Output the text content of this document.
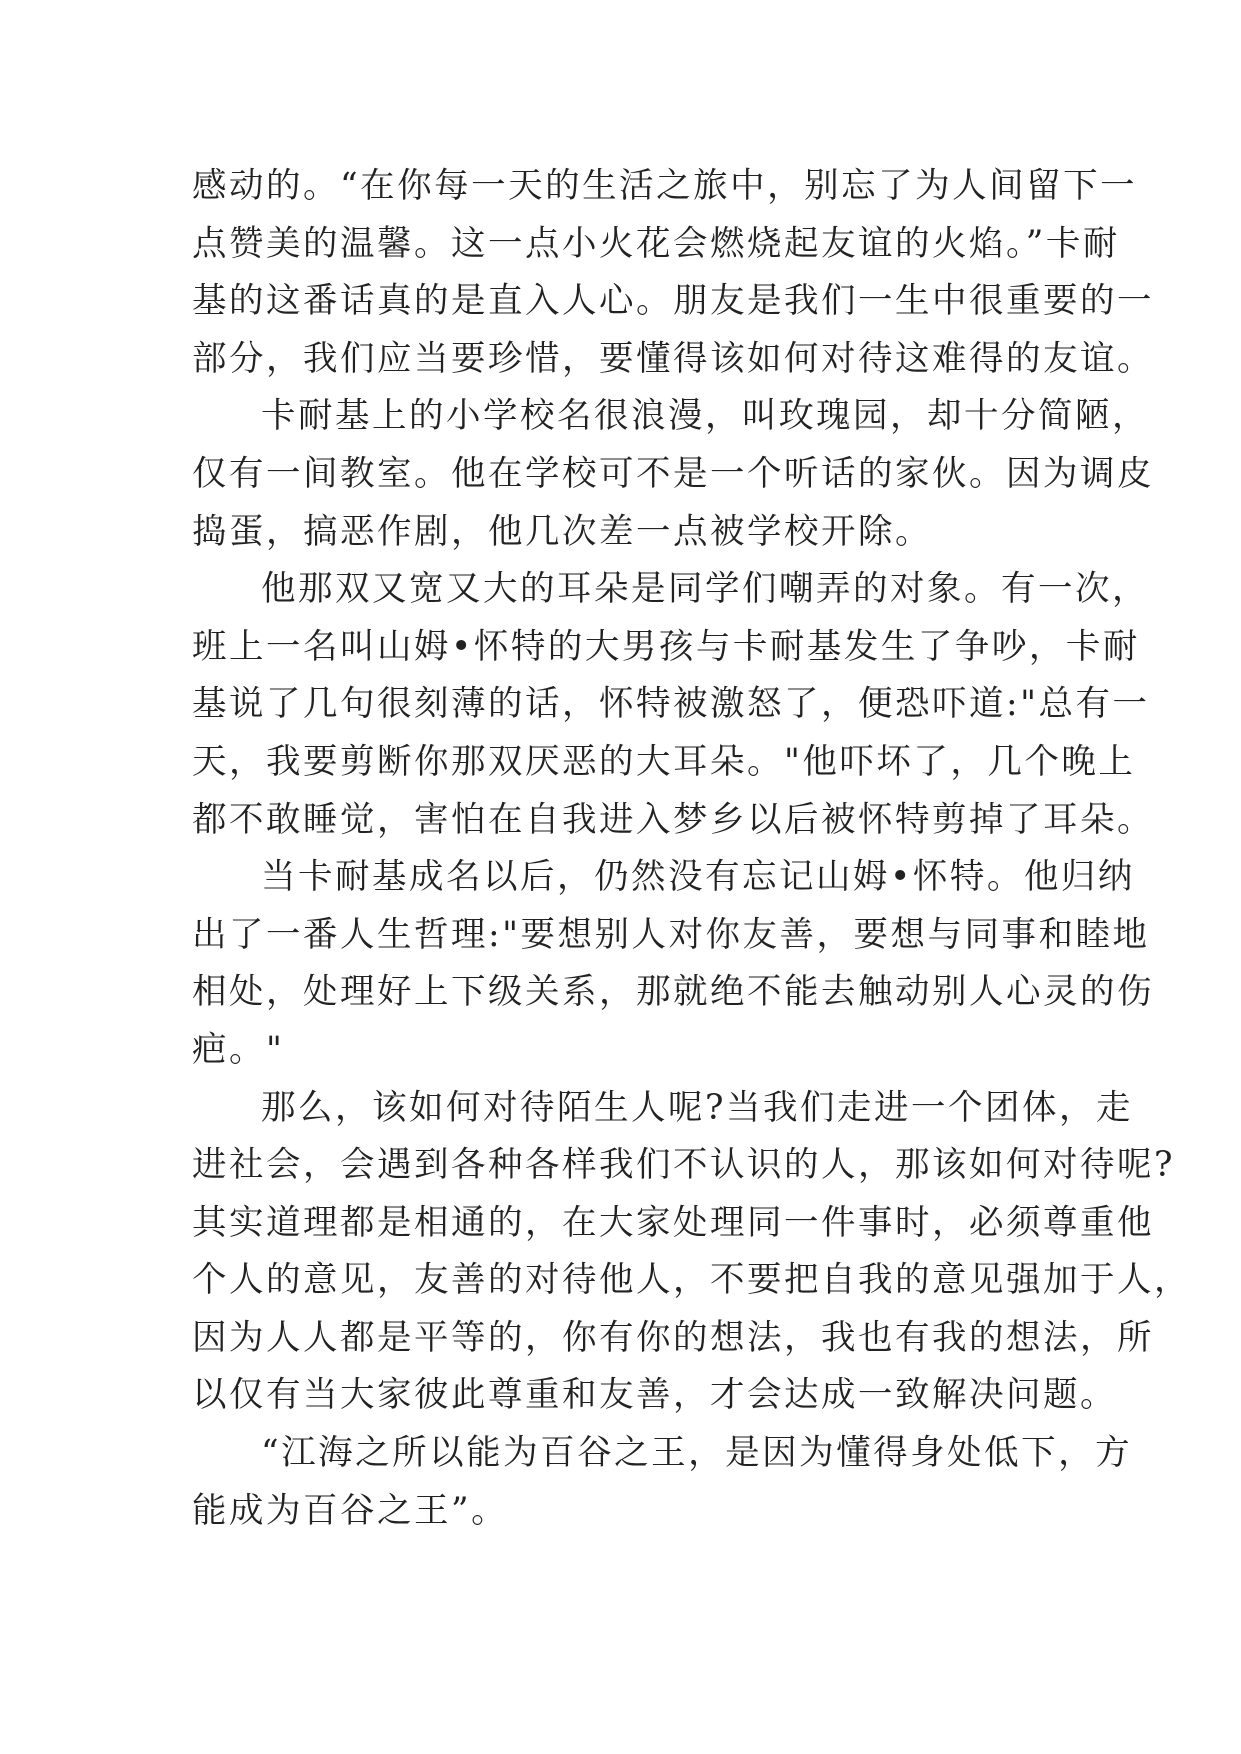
感动的。“在你每一天的生活之旅中，别忘了为人间留下一
点赞美的温馨。这一点小火花会燃烧起友谊的火焰。”卡耐
基的这番话真的是直入人心。朋友是我们一生中很重要的一
部分，我们应当要珍惜，要懂得该如何对待这难得的友谊。
卡耐基上的小学校名很浪漫，叫玫瑰园，却十分简陋，
仅有一间教室。他在学校可不是一个听话的家伙。因为调皮
捣蛋，搞恶作剧，他几次差一点被学校开除。
他那双又宽又大的耳朵是同学们嘲弄的对象。有一次，
班上一名叫山姆•怀特的大男孩与卡耐基发生了争吵，卡耐
基说了几句很刻薄的话，怀特被激怒了，便恐吓道:"总有一
天，我要剪断你那双厌恶的大耳朵。"他吓坏了，几个晚上
都不敢睡觉，害怕在自我进入梦乡以后被怀特剪掉了耳朵。
当卡耐基成名以后，仍然没有忘记山姆•怀特。他归纳
出了一番人生哲理:"要想别人对你友善，要想与同事和睦地
相处，处理好上下级关系，那就绝不能去触动别人心灵的伤
疤。"
那么，该如何对待陌生人呢?当我们走进一个团体，走
进社会，会遇到各种各样我们不认识的人，那该如何对待呢?
其实道理都是相通的，在大家处理同一件事时，必须尊重他
个人的意见，友善的对待他人，不要把自我的意见强加于人，
因为人人都是平等的，你有你的想法，我也有我的想法，所
以仅有当大家彼此尊重和友善，才会达成一致解决问题。
“江海之所以能为百谷之王，是因为懂得身处低下，方
能成为百谷之王”。
